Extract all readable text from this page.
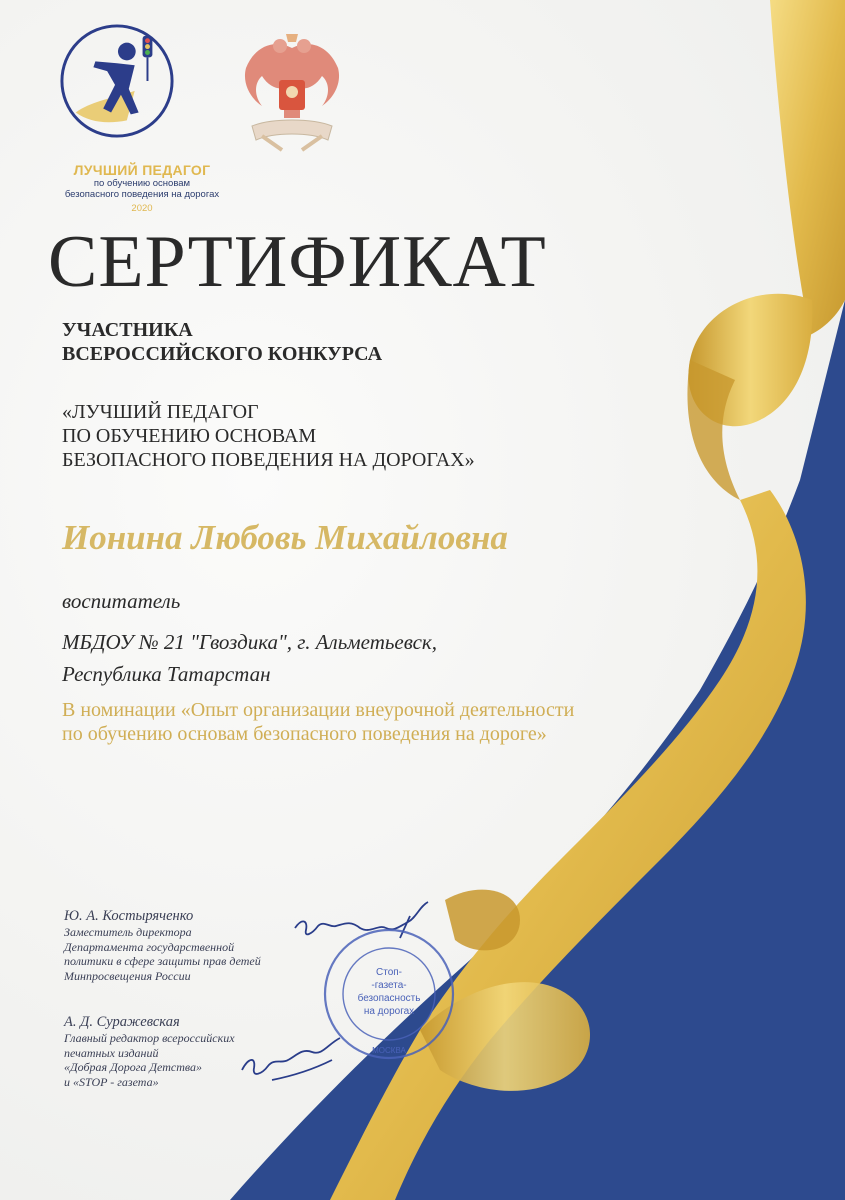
ЛУЧШИЙ ПЕДАГОГ
по обучению основам
безопасного поведения на дорогах
2020
СЕРТИФИКАТ
УЧАСТНИКА
ВСЕРОССИЙСКОГО КОНКУРСА
«ЛУЧШИЙ ПЕДАГОГ
ПО ОБУЧЕНИЮ ОСНОВАМ
БЕЗОПАСНОГО ПОВЕДЕНИЯ НА ДОРОГАХ»
Ионина Любовь Михайловна
воспитатель
МБДОУ № 21 "Гвоздика", г. Альметьевск,
Республика Татарстан
В номинации «Опыт организации внеурочной деятельности
по обучению основам безопасного поведения на дороге»
Ю. А. Костыряченко
Заместитель директора
Департамента государственной
политики в сфере защиты прав детей
Минпросвещения России
А. Д. Суражевская
Главный редактор всероссийских
печатных изданий
«Добрая Дорога Детства»
и «STOP - газета»
Стоп-
-газета-
безопасность
на дорогах
МОСКВА
